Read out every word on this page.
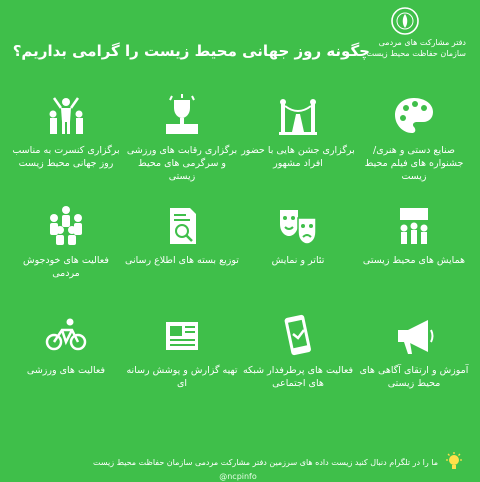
چگونه روز جهانی محیط زیست را گرامی بداریم؟	دفتر مشارکت های مردمی
سازمان حفاظت محیط زیست
صنایع دستی و هنری/جشنواره های فیلم محیط زیست
برگزاری جشن هایی با حضور افراد مشهور
برگزاری رقابت های ورزشی و سرگرمی های محیط زیستی
برگزاری کنسرت به مناسب روز جهانی محیط زیست
همایش های محیط زیستی
تئاتر و نمایش
توزیع بسته های اطلاع رسانی
فعالیت های خودجوش مردمی
آموزش و ارتقای آگاهی های محیط زیستی
فعالیت های پرطرفدار شبکه های اجتماعی
تهیه گزارش و پوشش رسانه ای
فعالیت های ورزشی
ما را در تلگرام دنبال کنید زیست داده های سرزمین دفتر مشارکت مردمی سازمان حفاظت محیط زیست
@ncpinfo
